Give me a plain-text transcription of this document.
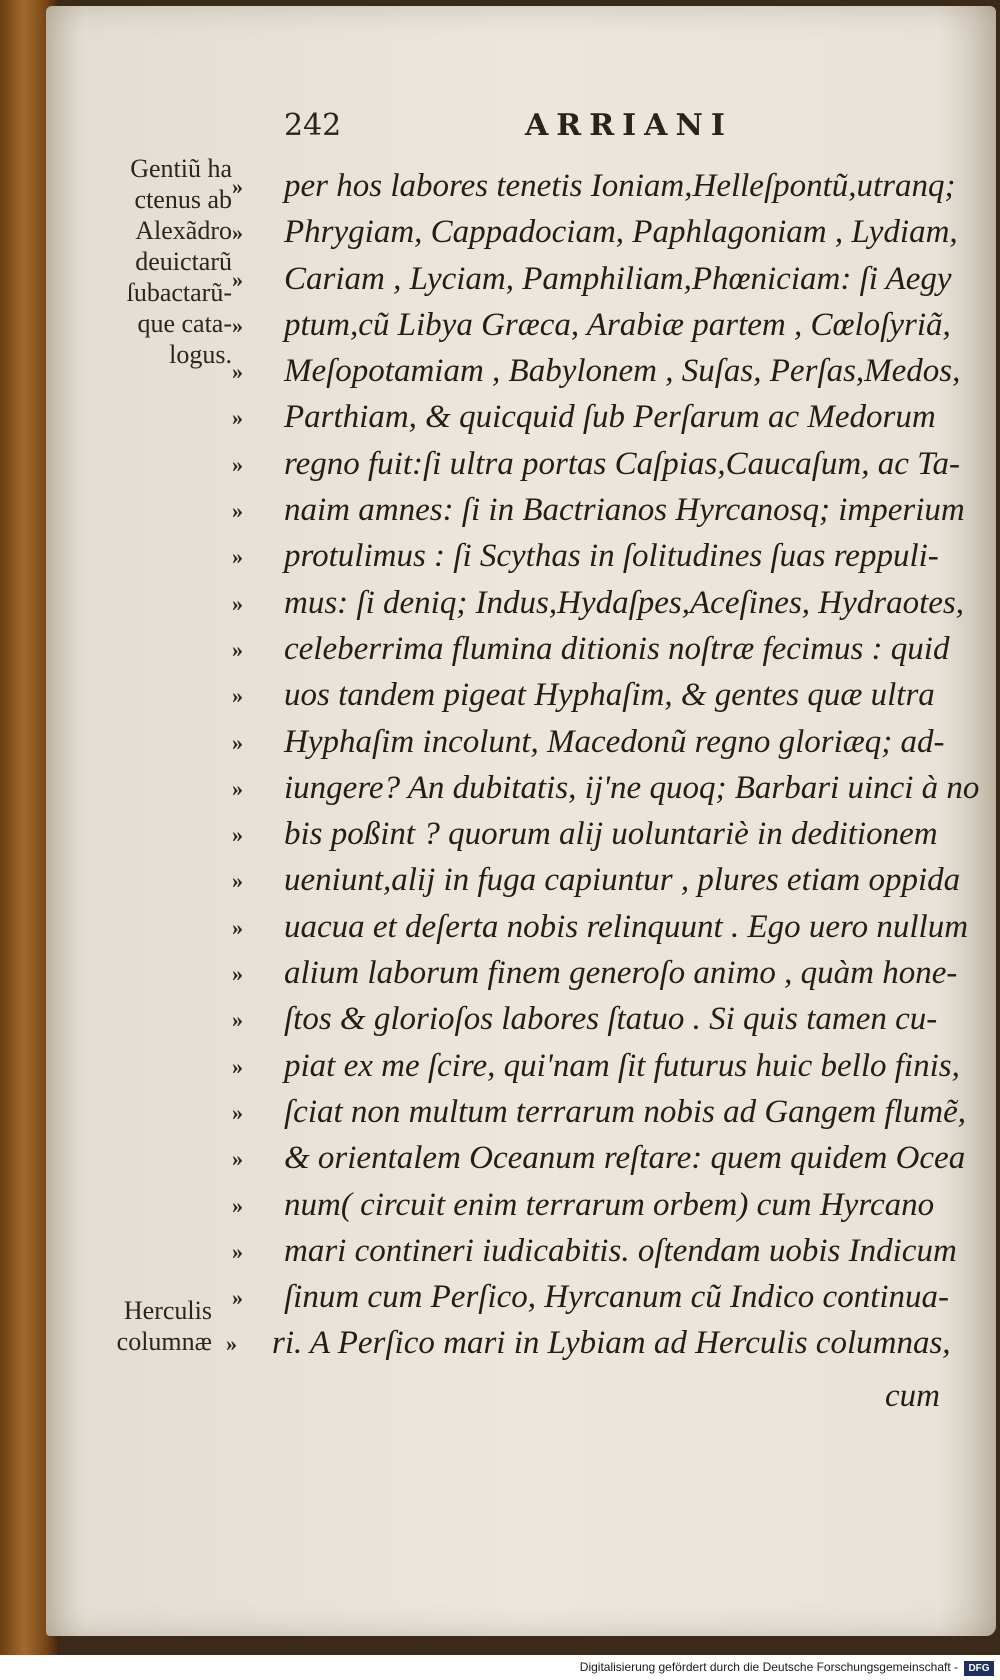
242	ARRIANI
Gentiũ ha
ctenus ab
Alexãdro
deuictarũ
ſubactarũ-
que cata-
logus.
Herculis
columnæ
» per hos labores tenetis Ioniam,Helleſpontũ,utranq;
» Phrygiam, Cappadociam, Paphlagoniam , Lydiam,
» Cariam , Lyciam, Pamphiliam,Phœniciam: ſi Aegy
» ptum,cũ Libya Græca, Arabiæ partem , Cœloſyriã,
» Meſopotamiam , Babylonem , Suſas, Perſas,Medos,
» Parthiam, & quicquid ſub Perſarum ac Medorum
» regno fuit:ſi ultra portas Caſpias,Caucaſum, ac Ta-
» naim amnes: ſi in Bactrianos Hyrcanosq; imperium
» protulimus : ſi Scythas in ſolitudines ſuas reppuli-
» mus: ſi deniq; Indus,Hydaſpes,Aceſines, Hydraotes,
» celeberrima flumina ditionis noſtræ fecimus : quid
» uos tandem pigeat Hyphaſim, & gentes quæ ultra
» Hyphaſim incolunt, Macedonũ regno gloriæq; ad-
» iungere? An dubitatis, ij'ne quoq; Barbari uinci à no
» bis poßint ? quorum alij uoluntariè in deditionem
» ueniunt,alij in fuga capiuntur , plures etiam oppida
» uacua et deſerta nobis relinquunt . Ego uero nullum
» alium laborum finem generoſo animo , quàm hone-
» ſtos & glorioſos labores ſtatuo . Si quis tamen cu-
» piat ex me ſcire, qui'nam ſit futurus huic bello finis,
» ſciat non multum terrarum nobis ad Gangem flumẽ,
» & orientalem Oceanum reſtare: quem quidem Ocea
» num( circuit enim terrarum orbem) cum Hyrcano
» mari contineri iudicabitis. oſtendam uobis Indicum
» ſinum cum Perſico, Hyrcanum cũ Indico continua-
» ri. A Perſico mari in Lybiam ad Herculis columnas,
cum
Digitalisierung gefördert durch die Deutsche Forschungsgemeinschaft -	DFG
